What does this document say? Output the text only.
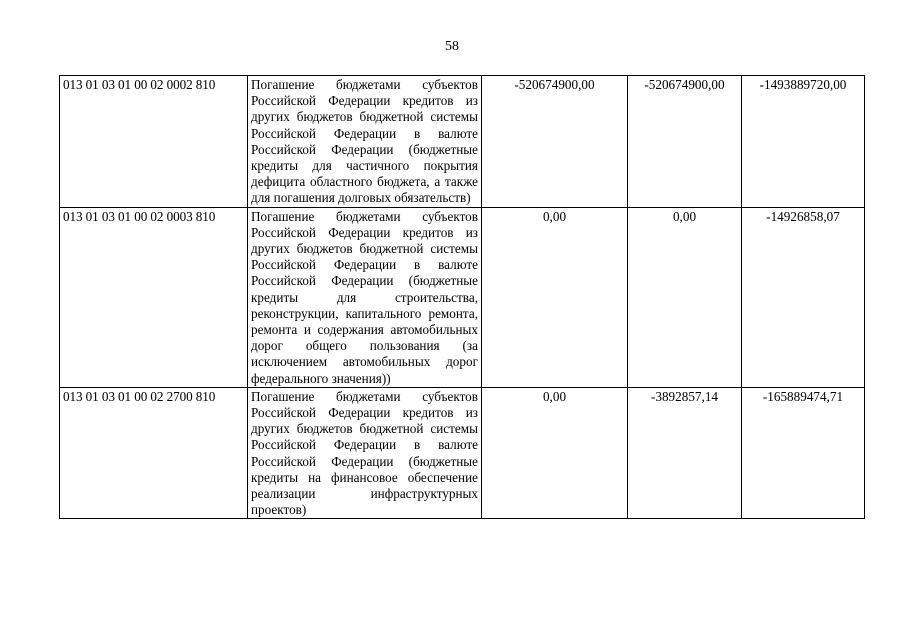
58
013 01 03 01 00 02 0002 810	Погашение бюджетами субъектов Российской Федерации кредитов из других бюджетов бюджетной системы Российской Федерации в валюте Российской Федерации (бюджетные кредиты для частичного покрытия дефицита областного бюджета, а также для погашения долговых обязательств)	-520674900,00	-520674900,00	-1493889720,00
013 01 03 01 00 02 0003 810	Погашение бюджетами субъектов Российской Федерации кредитов из других бюджетов бюджетной системы Российской Федерации в валюте Российской Федерации (бюджетные кредиты для строительства, реконструкции, капитального ремонта, ремонта и содержания автомобильных дорог общего пользования (за исключением автомобильных дорог федерального значения))	0,00	0,00	-14926858,07
013 01 03 01 00 02 2700 810	Погашение бюджетами субъектов Российской Федерации кредитов из других бюджетов бюджетной системы Российской Федерации в валюте Российской Федерации (бюджетные кредиты на финансовое обеспечение реализации инфраструктурных проектов)	0,00	-3892857,14	-165889474,71
